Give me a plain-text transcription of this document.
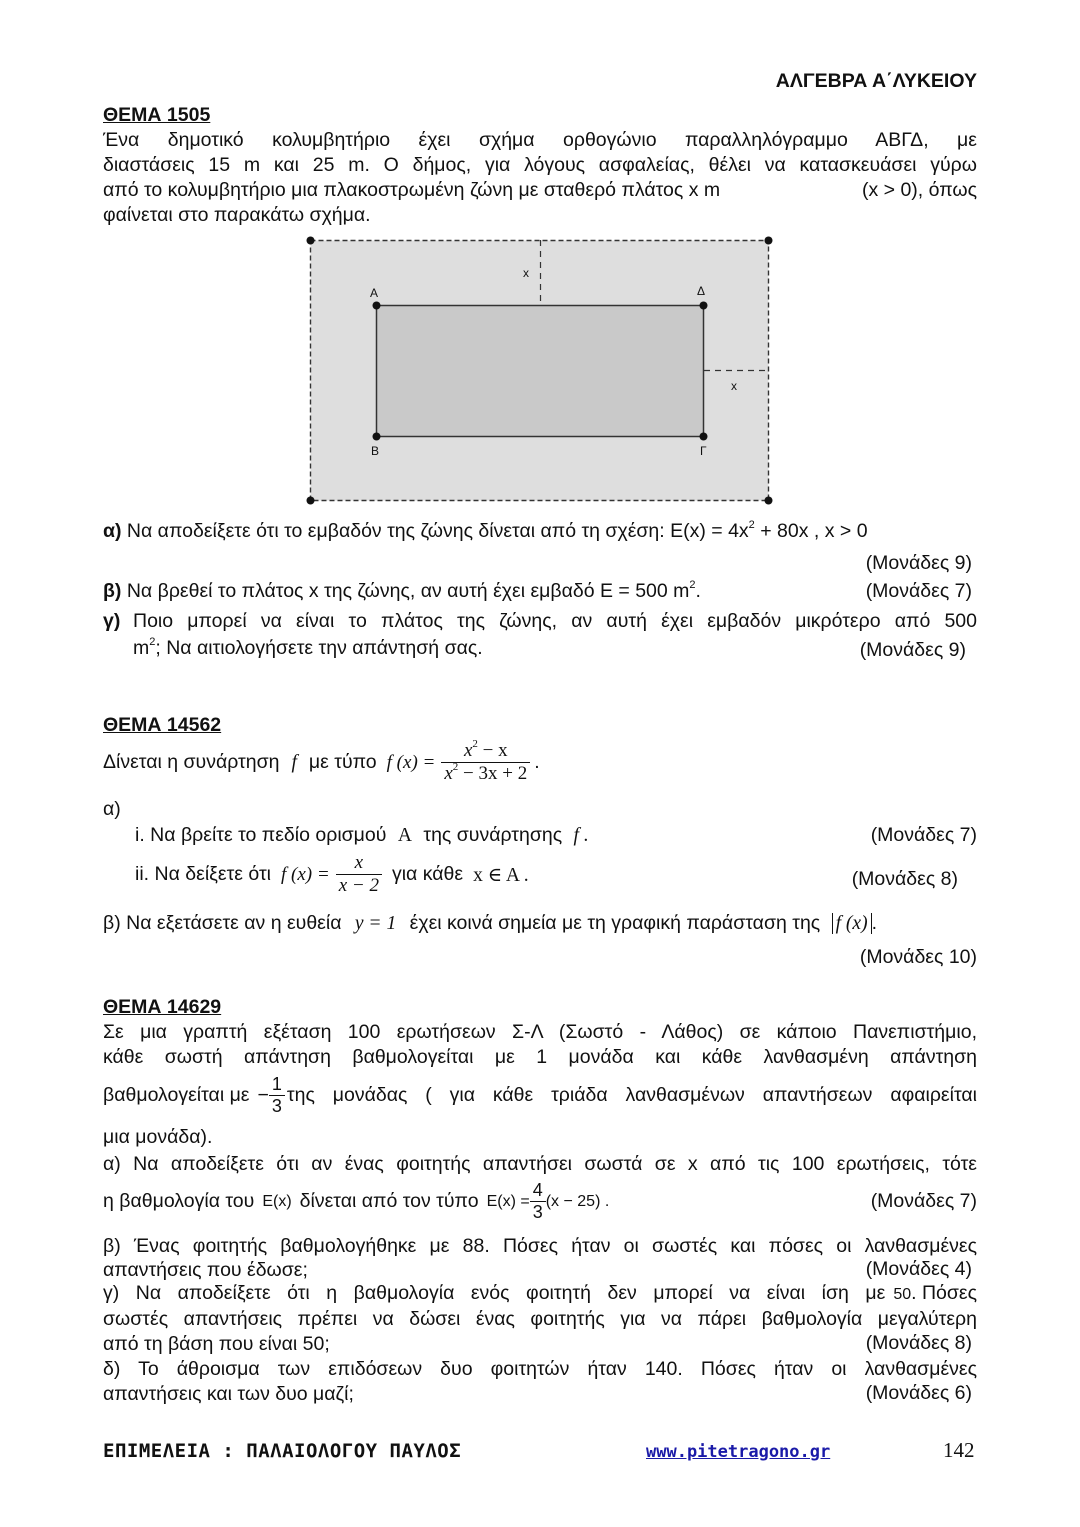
ΑΛΓΕΒΡΑ Α΄ΛΥΚΕΙΟΥ
ΘΕΜΑ 1505
Ένα δημοτικό κολυμβητήριο έχει σχήμα ορθογώνιο παραλληλόγραμμο ΑΒΓΔ, με
διαστάσεις 15 m και 25 m. Ο δήμος, για λόγους ασφαλείας, θέλει να κατασκευάσει γύρω
από το κολυμβητήριο μια πλακοστρωμένη ζώνη με σταθερό πλάτος x m	(x > 0), όπως
φαίνεται στο παρακάτω σχήμα.
Α	Δ
Β	Γ
x
x
α) Να αποδείξετε ότι το εμβαδόν της ζώνης δίνεται από τη σχέση: $E(x) = 4x^2 + 80x$ , x > 0
(Μονάδες 9)
β) Να βρεθεί το πλάτος x της ζώνης, αν αυτή έχει εμβαδό E = 500 $m^2$.	(Μονάδες 7)
γ) Ποιο μπορεί να είναι το πλάτος της ζώνης, αν αυτή έχει εμβαδόν μικρότερο από 500
$m^2$; Να αιτιολογήσετε την απάντησή σας.	(Μονάδες 9)
ΘΕΜΑ 14562
Δίνεται η συνάρτηση f με τύπο f $(x) = \frac{x^2 - x}{x^2 - 3x + 2}$ .
α)
i. Να βρείτε το πεδίο ορισμού A της συνάρτησης f .	(Μονάδες 7)
ii. Να δείξετε ότι f $(x) = \frac{x}{x - 2}$ για κάθε x ∈ A .	(Μονάδες 8)
β) Να εξετάσετε αν η ευθεία y = 1 έχει κοινά σημεία με τη γραφική παράσταση της f (x) .
(Μονάδες 10)
ΘΕΜΑ 14629
Σε μια γραπτή εξέταση 100 ερωτήσεων Σ-Λ (Σωστό - Λάθος) σε κάποιο Πανεπιστήμιο,
κάθε σωστή απάντηση βαθμολογείται με 1 μονάδα και κάθε λανθασμένη απάντηση
βαθμολογείται $\mu\varepsilon - \frac{1}{3}$ της μονάδας ( για κάθε τριάδα λανθασμένων απαντήσεων αφαιρείται
μια μονάδα).
α) Να αποδείξετε ότι αν ένας φοιτητής απαντήσει σωστά σε x από τις 100 ερωτήσεις, τότε
η βαθμολογία του E(x) δίνεται από τον τύπο $E(x) = \frac{4}{3} (x - 25)$ .	(Μονάδες 7)
β) Ένας φοιτητής βαθμολογήθηκε με 88. Πόσες ήταν οι σωστές και πόσες οι λανθασμένες
απαντήσεις που έδωσε;	(Μονάδες 4)
γ) Να αποδείξετε ότι η βαθμολογία ενός φοιτητή δεν μπορεί να είναι ίση με 50 . Πόσες
σωστές απαντήσεις πρέπει να δώσει ένας φοιτητής για να πάρει βαθμολογία μεγαλύτερη
από τη βάση που είναι 50;	(Μονάδες 8)
δ) Το άθροισμα των επιδόσεων δυο φοιτητών ήταν 140. Πόσες ήταν οι λανθασμένες
απαντήσεις και των δυο μαζί;	(Μονάδες 6)
ΕΠΙΜΕΛΕΙΑ : ΠΑΛΑΙΟΛΟΓΟΥ ΠΑΥΛΟΣ	www.pitetragono.gr	142
